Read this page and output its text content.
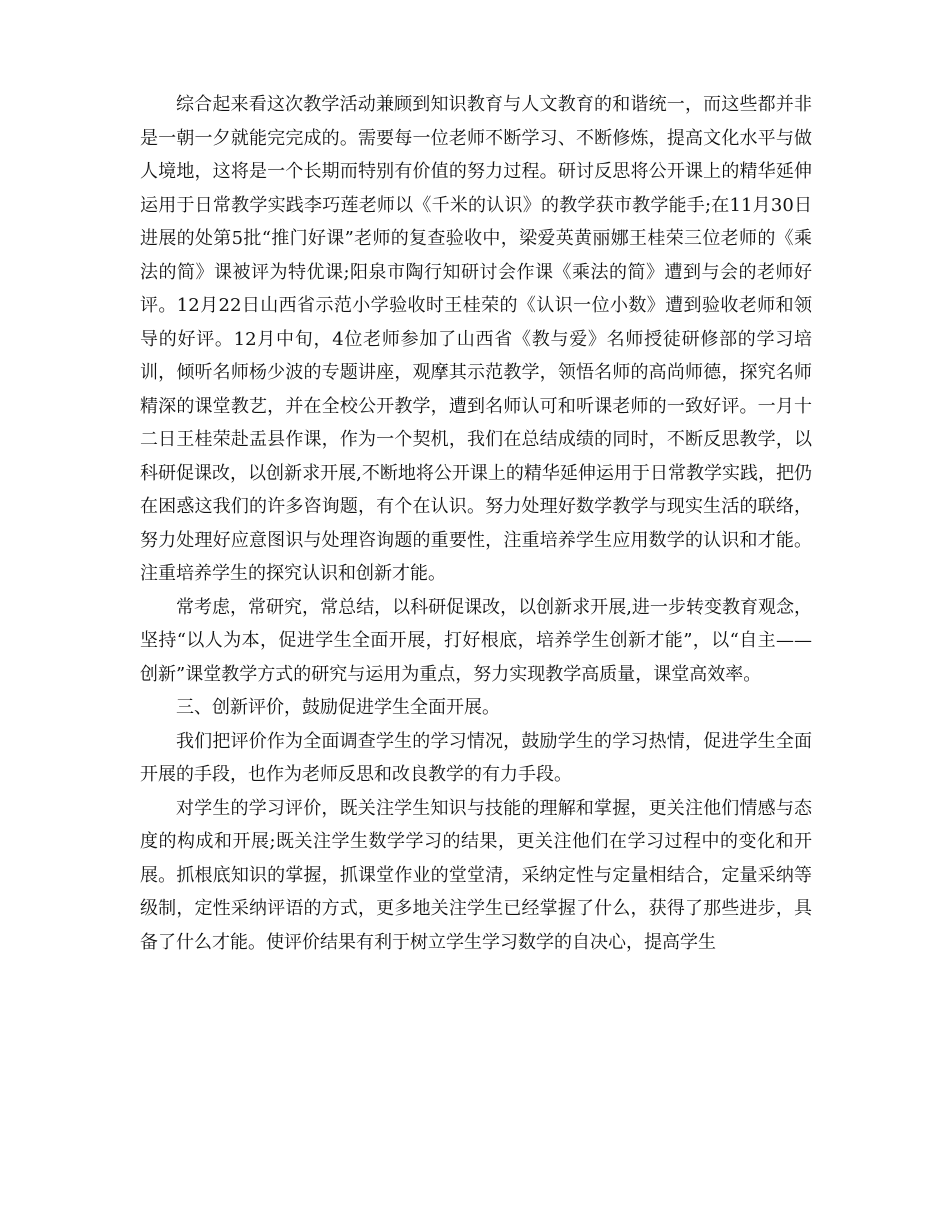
综合起来看这次教学活动兼顾到知识教育与人文教育的和谐统一，而这些都并非是一朝一夕就能完完成的。需要每一位老师不断学习、不断修炼，提高文化水平与做人境地，这将是一个长期而特别有价值的努力过程。研讨反思将公开课上的精华延伸运用于日常教学实践李巧莲老师以《千米的认识》的教学获市教学能手;在11月30日进展的处第5批“推门好课”老师的复查验收中，梁爱英黄丽娜王桂荣三位老师的《乘法的简》课被评为特优课;阳泉市陶行知研讨会作课《乘法的简》遭到与会的老师好评。12月22日山西省示范小学验收时王桂荣的《认识一位小数》遭到验收老师和领导的好评。12月中旬，4位老师参加了山西省《教与爱》名师授徒研修部的学习培训，倾听名师杨少波的专题讲座，观摩其示范教学，领悟名师的高尚师德，探究名师精深的课堂教艺，并在全校公开教学，遭到名师认可和听课老师的一致好评。一月十二日王桂荣赴盂县作课，作为一个契机，我们在总结成绩的同时，不断反思教学，以科研促课改，以创新求开展,不断地将公开课上的精华延伸运用于日常教学实践，把仍在困惑这我们的许多咨询题，有个在认识。努力处理好数学教学与现实生活的联络，努力处理好应意图识与处理咨询题的重要性，注重培养学生应用数学的认识和才能。注重培养学生的探究认识和创新才能。

常考虑，常研究，常总结，以科研促课改，以创新求开展,进一步转变教育观念，坚持“以人为本，促进学生全面开展，打好根底，培养学生创新才能”，以“自主——创新”课堂教学方式的研究与运用为重点，努力实现教学高质量，课堂高效率。

三、创新评价，鼓励促进学生全面开展。

我们把评价作为全面调查学生的学习情况，鼓励学生的学习热情，促进学生全面开展的手段，也作为老师反思和改良教学的有力手段。

对学生的学习评价，既关注学生知识与技能的理解和掌握，更关注他们情感与态度的构成和开展;既关注学生数学学习的结果，更关注他们在学习过程中的变化和开展。抓根底知识的掌握，抓课堂作业的堂堂清，采纳定性与定量相结合，定量采纳等级制，定性采纳评语的方式，更多地关注学生已经掌握了什么，获得了那些进步，具备了什么才能。使评价结果有利于树立学生学习数学的自决心，提高学生
